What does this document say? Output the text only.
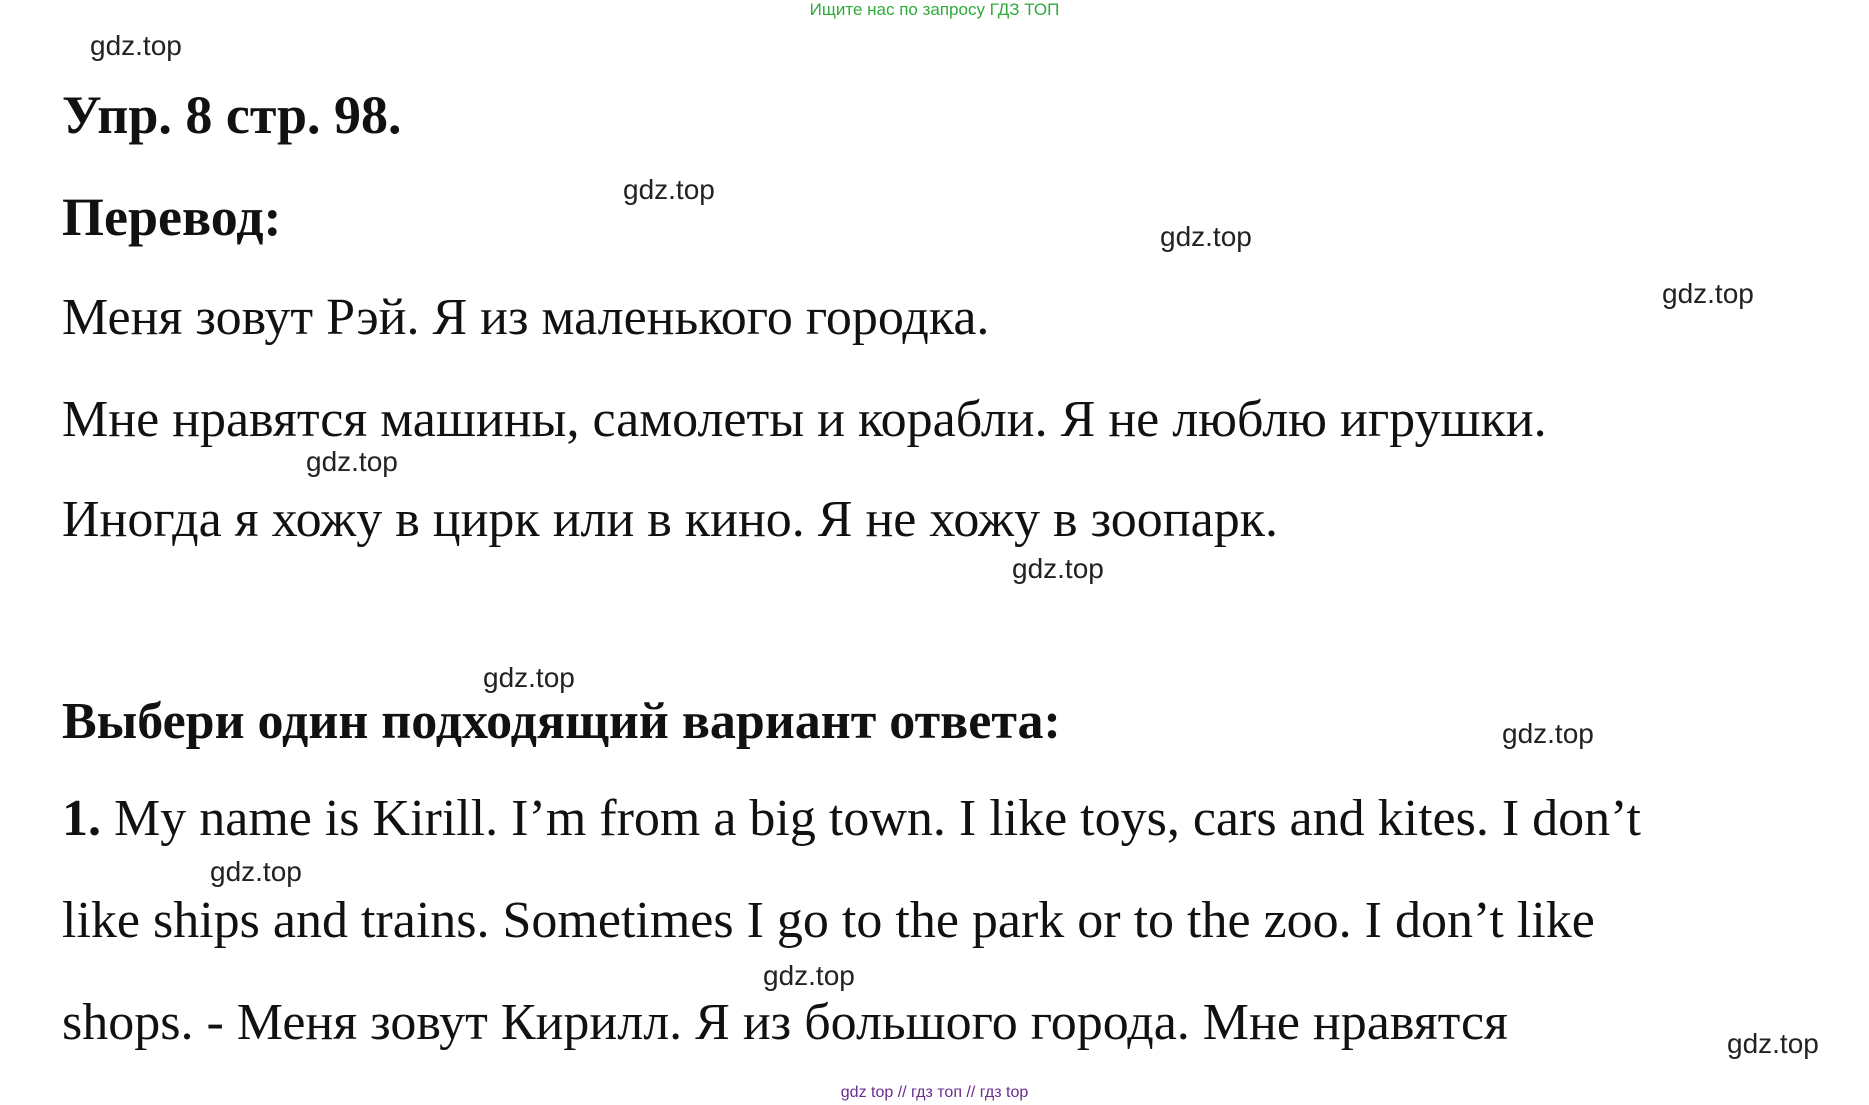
Ищите нас по запросу ГДЗ ТОП
gdz.top
Упр. 8 стр. 98.
gdz.top
Перевод:	gdz.top
gdz.top
Меня зовут Рэй. Я из маленького городка.
Мне нравятся машины, самолеты и корабли. Я не люблю игрушки.
gdz.top
Иногда я хожу в цирк или в кино. Я не хожу в зоопарк.
gdz.top
gdz.top
Выбери один подходящий вариант ответа:	gdz.top
1. My name is Kirill. I’m from a big town. I like toys, cars and kites. I don’t
gdz.top
like ships and trains. Sometimes I go to the park or to the zoo. I don’t like
gdz.top
shops. - Меня зовут Кирилл. Я из большого города. Мне нравятся	gdz.top
gdz top // гдз топ // гдз top
